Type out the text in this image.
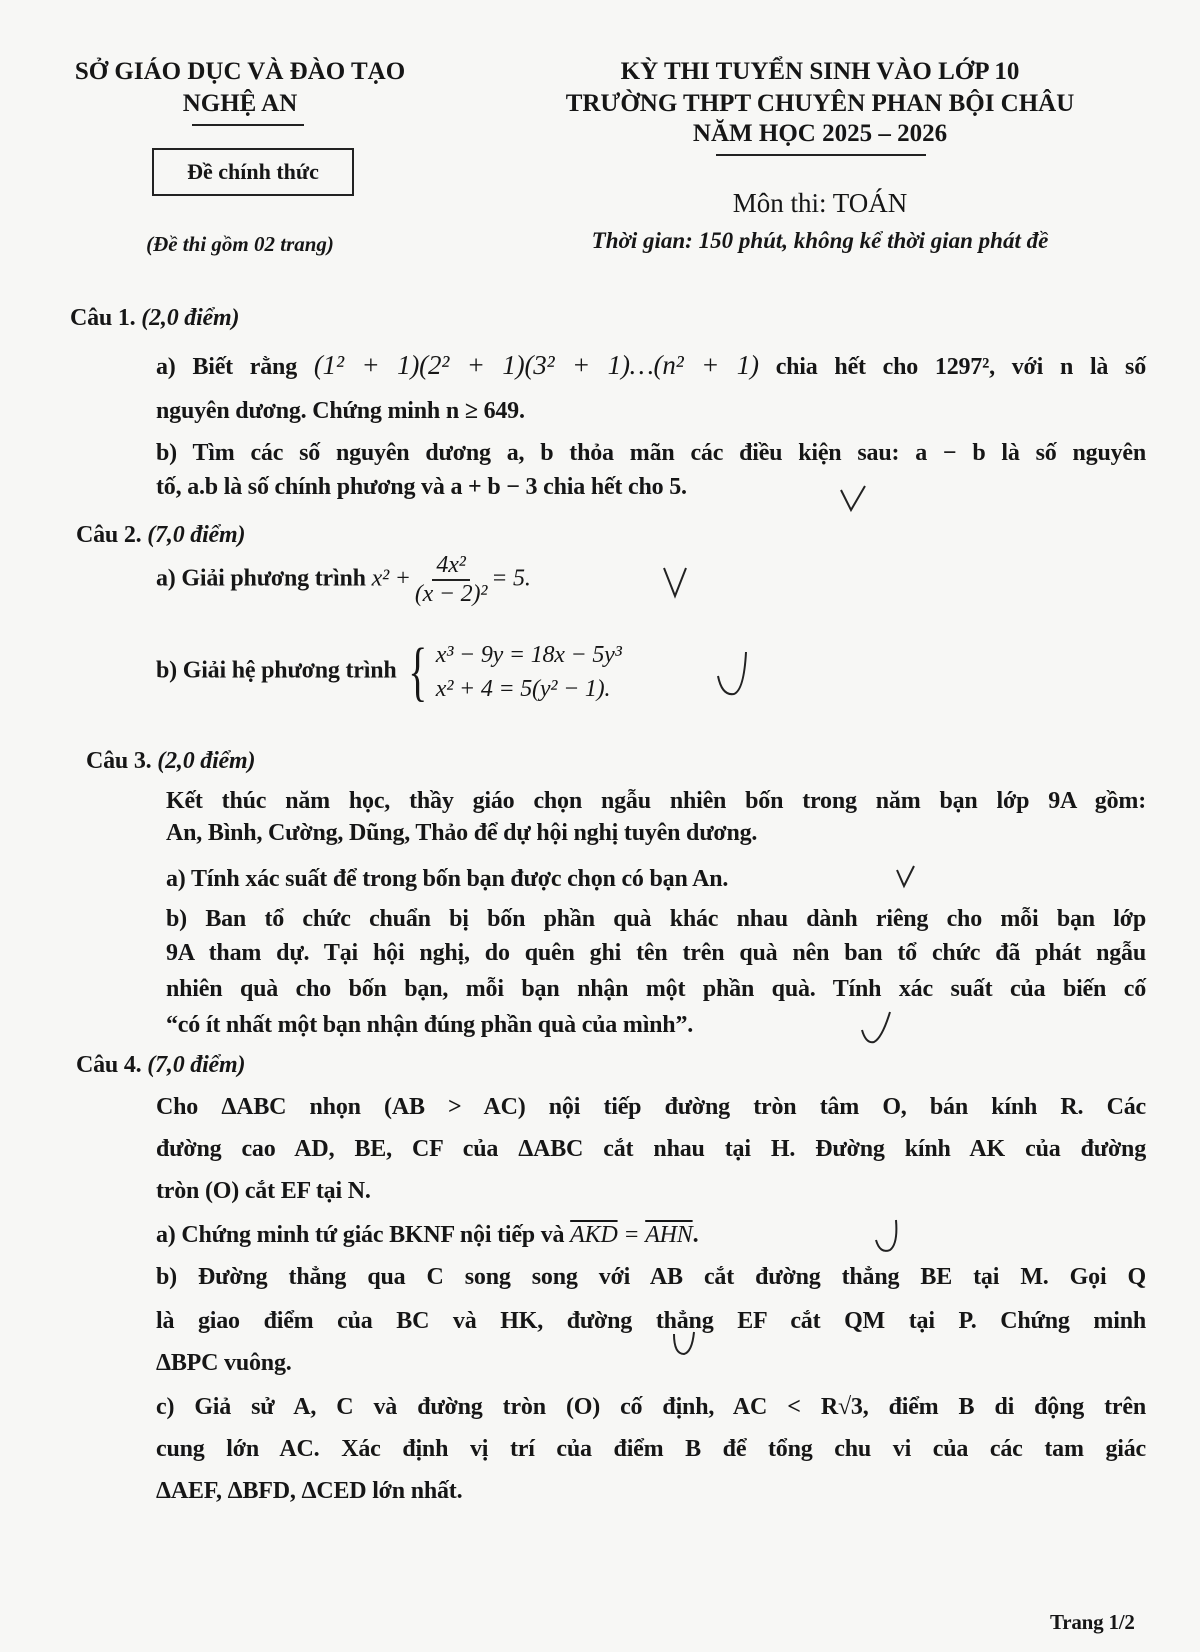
SỞ GIÁO DỤC VÀ ĐÀO TẠO
NGHỆ AN
Đề chính thức
(Đề thi gồm 02 trang)
KỲ THI TUYỂN SINH VÀO LỚP 10
TRƯỜNG THPT CHUYÊN PHAN BỘI CHÂU
NĂM HỌC 2025 – 2026
Môn thi: TOÁN
Thời gian: 150 phút, không kể thời gian phát đề
Câu 1. (2,0 điểm)
a) Biết rằng (1² + 1)(2² + 1)(3² + 1)…(n² + 1) chia hết cho 1297², với n là số
nguyên dương. Chứng minh n ≥ 649.
b) Tìm các số nguyên dương a, b thỏa mãn các điều kiện sau: a − b là số nguyên
tố, a.b là số chính phương và a + b − 3 chia hết cho 5.
Câu 2. (7,0 điểm)
a) Giải phương trình $x^2 + \frac{\text{4x²}}{\text{(x − 2)²}} = 5$.
b) Giải hệ phương trình { x³ − 9y = 18x − 5y³
x² + 4 = 5(y² − 1).
Câu 3. (2,0 điểm)
Kết thúc năm học, thầy giáo chọn ngẫu nhiên bốn trong năm bạn lớp 9A gồm:
An, Bình, Cường, Dũng, Thảo để dự hội nghị tuyên dương.
a) Tính xác suất để trong bốn bạn được chọn có bạn An.
b) Ban tổ chức chuẩn bị bốn phần quà khác nhau dành riêng cho mỗi bạn lớp
9A tham dự. Tại hội nghị, do quên ghi tên trên quà nên ban tổ chức đã phát ngẫu
nhiên quà cho bốn bạn, mỗi bạn nhận một phần quà. Tính xác suất của biến cố
“có ít nhất một bạn nhận đúng phần quà của mình”.
Câu 4. (7,0 điểm)
Cho ΔABC nhọn (AB > AC) nội tiếp đường tròn tâm O, bán kính R. Các
đường cao AD, BE, CF của ΔABC cắt nhau tại H. Đường kính AK của đường
tròn (O) cắt EF tại N.
a) Chứng minh tứ giác BKNF nội tiếp và $\overline{AKD} = \overline{AHN}$.
b) Đường thẳng qua C song song với AB cắt đường thẳng BE tại M. Gọi Q
là giao điểm của BC và HK, đường thẳng EF cắt QM tại P. Chứng minh
ΔBPC vuông.
c) Giả sử A, C và đường tròn (O) cố định, AC < R√3, điểm B di động trên
cung lớn AC. Xác định vị trí của điểm B để tổng chu vi của các tam giác
ΔAEF, ΔBFD, ΔCED lớn nhất.
Trang 1/2
